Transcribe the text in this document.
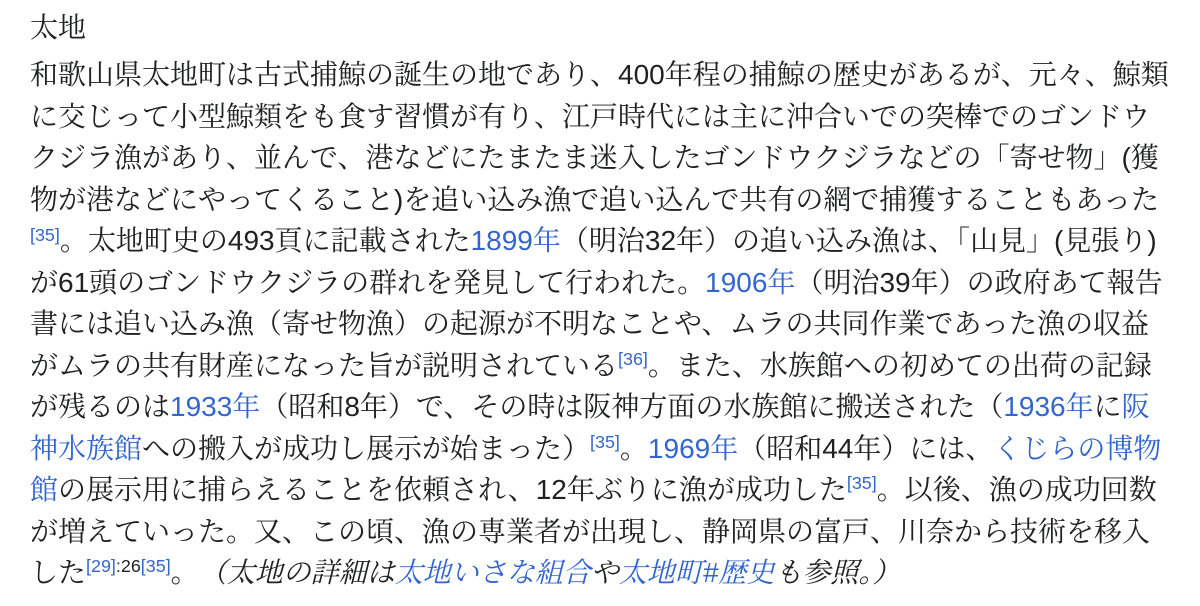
太地

和歌山県太地町は古式捕鯨の誕生の地であり、400年程の捕鯨の歴史があるが、元々、鯨類に交じって小型鯨類をも食す習慣が有り、江戸時代には主に沖合いでの突棒でのゴンドウクジラ漁があり、並んで、港などにたまたま迷入したゴンドウクジラなどの「寄せ物」(獲物が港などにやってくること)を追い込み漁で追い込んで共有の網で捕獲することもあった[35]。太地町史の493頁に記載された1899年（明治32年）の追い込み漁は、「山見」(見張り)が61頭のゴンドウクジラの群れを発見して行われた。1906年（明治39年）の政府あて報告書には追い込み漁（寄せ物漁）の起源が不明なことや、ムラの共同作業であった漁の収益がムラの共有財産になった旨が説明されている[36]。また、水族館への初めての出荷の記録が残るのは1933年（昭和8年）で、その時は阪神方面の水族館に搬送された（1936年に阪神水族館への搬入が成功し展示が始まった）[35]。1969年（昭和44年）には、くじらの博物館の展示用に捕らえることを依頼され、12年ぶりに漁が成功した[35]。以後、漁の成功回数が増えていった。又、この頃、漁の専業者が出現し、静岡県の富戸、川奈から技術を移入した[29]:26[35]。　（太地の詳細は太地いさな組合や太地町#歴史も参照。）
